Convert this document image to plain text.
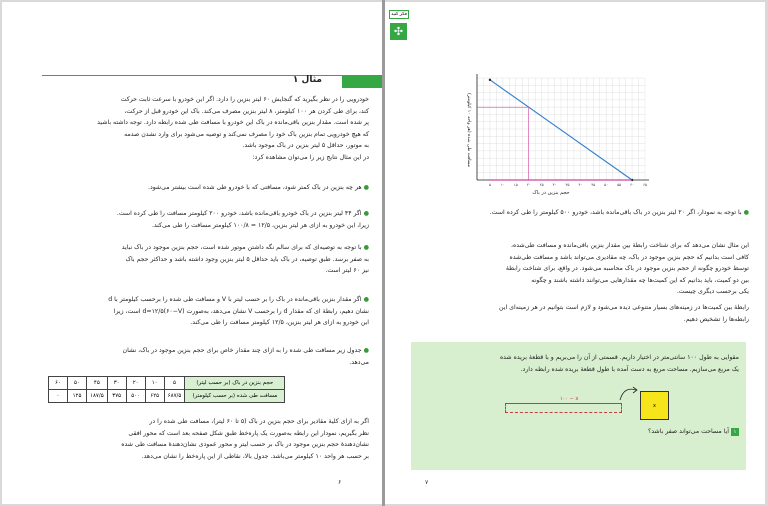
مثال ۱
خودرویی را در نظر بگیرید که گنجایش ۶۰ لیتر بنزین را دارد. اگر این خودرو با سرعت ثابت حرکت
کند، برای طی کردن هر ۱۰۰ کیلومتر، ۸ لیتر بنزین مصرف می‌کند. باک این خودرو قبل از حرکت،
پر شده است. مقدار بنزین باقی‌مانده در باک این خودرو با مسافت طی شده رابطه دارد. توجه داشته باشید
که هیچ خودرویی تمام بنزین باک خود را مصرف نمی‌کند و توصیه می‌شود برای وارد نشدن صدمه
به موتور، حداقل ۵ لیتر بنزین در باک موجود باشد.
در این مثال نتایج زیر را می‌توان مشاهده کرد:
● هر چه بنزین در باک کمتر شود، مسافتی که با خودرو طی شده است بیشتر می‌شود.
● اگر ۴۴ لیتر بنزین در باک خودرو باقی‌مانده باشد، خودرو ۲۰۰ کیلومتر مسافت را طی کرده است.
زیرا، این خودرو به ازای هر لیتر بنزین، ۱۲/۵ = ۱۰۰/۸ کیلومتر مسافت را طی می‌کند.
● با توجه به توصیه‌ای که برای سالم نگه داشتن موتور شده است، حجم بنزین موجود در باک نباید
به صفر برسد. طبق توصیه، در باک باید حداقل ۵ لیتر بنزین وجود داشته باشد و حداکثر حجم باک
نیز ۶۰ لیتر است.
● اگر مقدار بنزین باقی‌مانده در باک را بر حسب لیتر با V و مسافت طی شده را برحسب کیلومتر با d
نشان دهیم، رابطهٔ ای که مقدار d را برحسب V نشان می‌دهد، به‌صورت d=۱۲/۵(۶۰−V) است، زیرا
این خودرو به ازای هر لیتر بنزین، ۱۲/۵ کیلومتر مسافت را طی می‌کند.
● جدول زیر مسافت طی شده را به ازای چند مقدار خاص برای حجم بنزین موجود در باک، نشان
می‌دهد.
حجم بنزین در باک (بر حسب لیتر)	۵	۱۰	۲۰	۳۰	۴۵	۵۰	۶۰
مسافت طی شده (بر حسب کیلومتر)	۶۸۷/۵	۶۲۵	۵۰۰	۳۷۵	۱۸۷/۵	۱۲۵	۰
اگر به ازای کلیهٔ مقادیر برای حجم بنزین در باک (۵ تا ۶۰ لیتر)، مسافت طی شده را در
نظر بگیریم، نمودار این رابطه به‌صورت یک پاره‌خط طبق شکل صفحه بعد است که محور افقی
نشان‌دهندهٔ حجم بنزین موجود در باک بر حسب لیتر و محور عمودی نشان‌دهندهٔ مسافت طی شده
بر حسب هر واحد ۱۰ کیلومتر می‌باشد. جدول بالا، نقاطی از این پاره‌خط را نشان می‌دهد.
۶
۵	۱۰	۱۵	۲۰	۲۵	۳۰	۳۵	۴۰	۴۵	۵۰	۵۵	۶۰	۶۵
حجم بنزین در باک
مسافت طی شده (هر واحد ۱۰ کیلومتر)
● با توجه به نمودار، اگر ۲۰ لیتر بنزین در باک باقی‌مانده باشد، خودرو ۵۰۰ کیلومتر را طی کرده است.
این مثال نشان می‌دهد که برای شناخت رابطهٔ بین مقدار بنزین باقی‌مانده و مسافت طی‌شده،
کافی است بدانیم که حجم بنزین موجود در باک، چه مقادیری می‌تواند باشد و مسافت طی‌شده
توسط خودرو چگونه از حجم بنزین موجود در باک محاسبه می‌شود. در واقع، برای شناخت رابطهٔ
بین دو کمیت، باید بدانیم که این کمیت‌ها چه مقدارهایی می‌توانند داشته باشند و چگونه
یکی برحسب دیگری چیست.
رابطهٔ بین کمیت‌ها در زمینه‌های بسیار متنوعی دیده می‌شود و لازم است بتوانیم در هر زمینه‌ای این
رابطه‌ها را تشخیص دهیم.
فکر کنید
✣
مقوایی به طول ۱۰۰ سانتی‌متر در اختیار داریم. قسمتی از آن را می‌بریم و با قطعهٔ بریده شده
یک مربع می‌سازیم. مساحت مربع به دست آمده با طول قطعهٔ بریده شده رابطه دارد.
۱ آیا مساحت می‌تواند صفر باشد؟
۱۰۰ − x
x
۷
